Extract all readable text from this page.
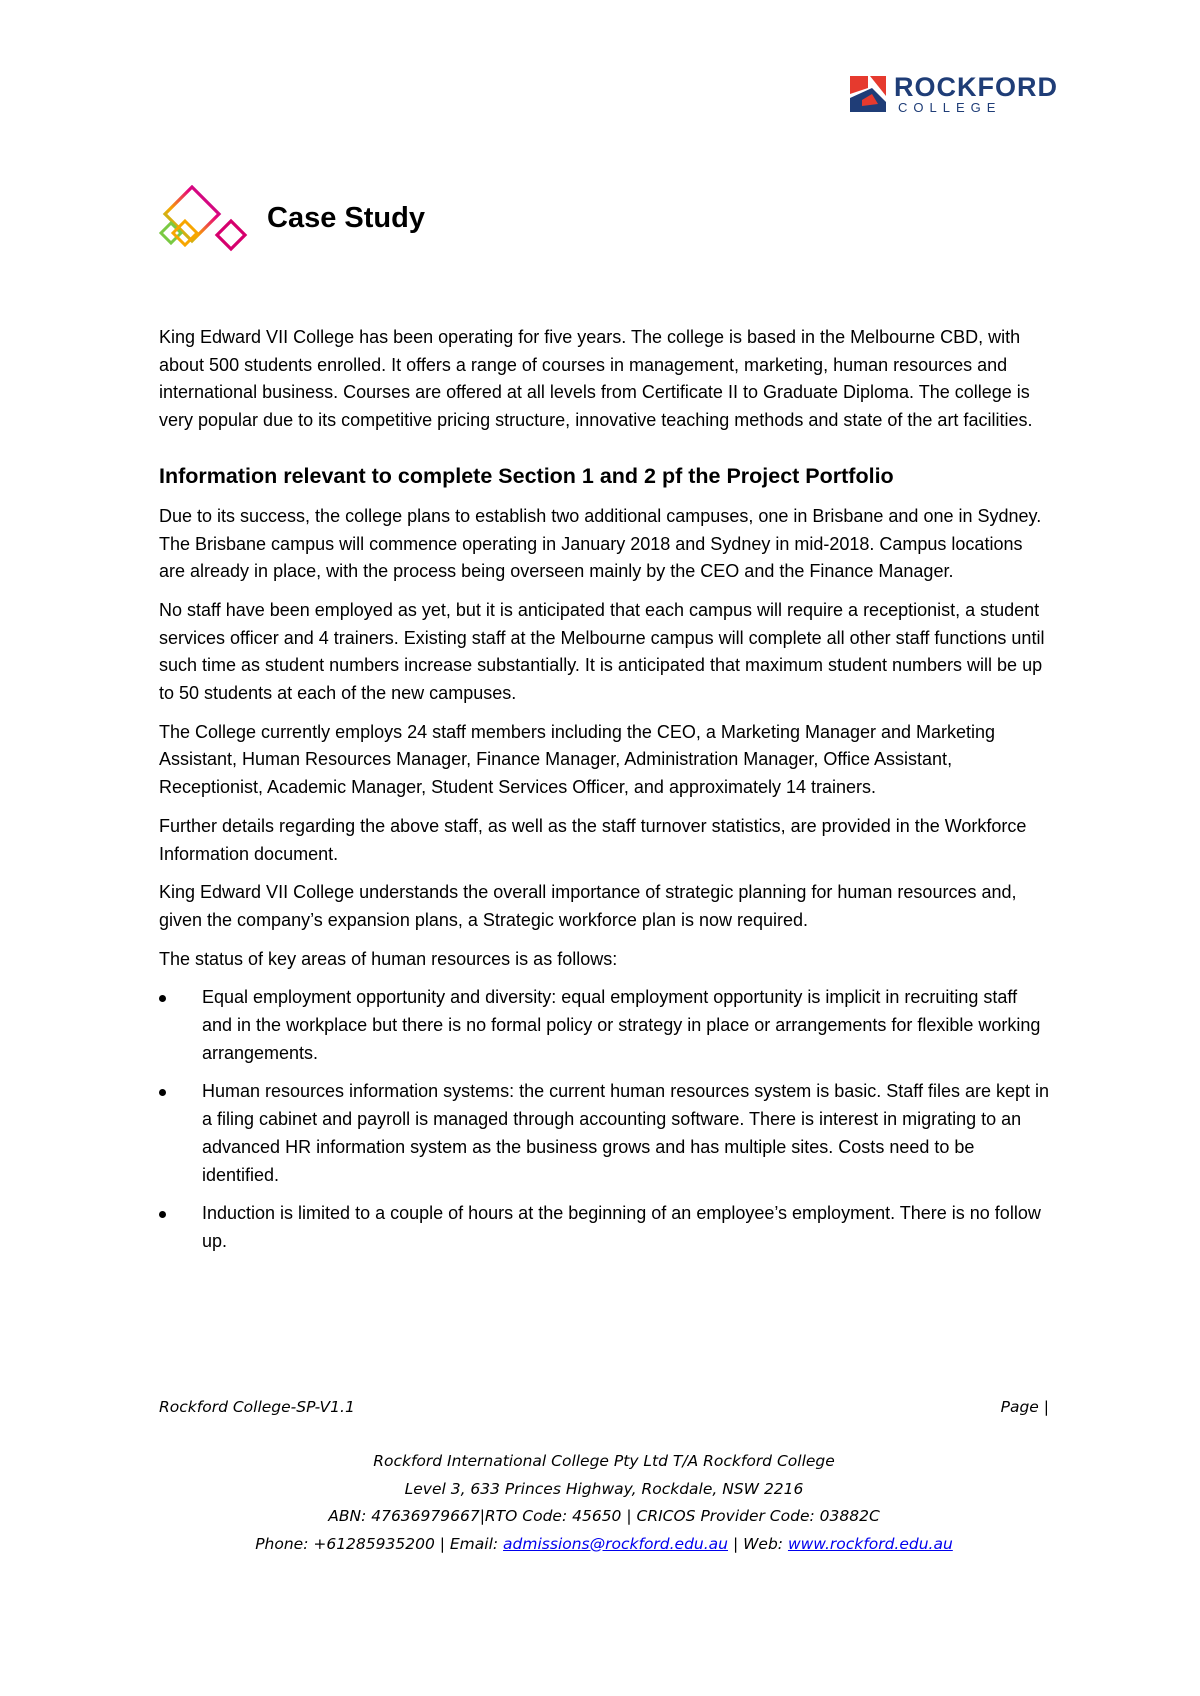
ROCKFORD
COLLEGE
Case Study

King Edward VII College has been operating for five years. The college is based in the Melbourne CBD, with about 500 students enrolled. It offers a range of courses in management, marketing, human resources and international business. Courses are offered at all levels from Certificate II to Graduate Diploma. The college is very popular due to its competitive pricing structure, innovative teaching methods and state of the art facilities.

Information relevant to complete Section 1 and 2 pf the Project Portfolio

Due to its success, the college plans to establish two additional campuses, one in Brisbane and one in Sydney. The Brisbane campus will commence operating in January 2018 and Sydney in mid-2018. Campus locations are already in place, with the process being overseen mainly by the CEO and the Finance Manager.

No staff have been employed as yet, but it is anticipated that each campus will require a receptionist, a student services officer and 4 trainers. Existing staff at the Melbourne campus will complete all other staff functions until such time as student numbers increase substantially. It is anticipated that maximum student numbers will be up to 50 students at each of the new campuses.

The College currently employs 24 staff members including the CEO, a Marketing Manager and Marketing Assistant, Human Resources Manager, Finance Manager, Administration Manager, Office Assistant, Receptionist, Academic Manager, Student Services Officer, and approximately 14 trainers.

Further details regarding the above staff, as well as the staff turnover statistics, are provided in the Workforce Information document.

King Edward VII College understands the overall importance of strategic planning for human resources and, given the company’s expansion plans, a Strategic workforce plan is now required.

The status of key areas of human resources is as follows:

Equal employment opportunity and diversity: equal employment opportunity is implicit in recruiting staff and in the workplace but there is no formal policy or strategy in place or arrangements for flexible working arrangements.
Human resources information systems: the current human resources system is basic. Staff files are kept in a filing cabinet and payroll is managed through accounting software. There is interest in migrating to an advanced HR information system as the business grows and has multiple sites. Costs need to be identified.
Induction is limited to a couple of hours at the beginning of an employee’s employment. There is no follow up.
Rockford College-SP-V1.1	Page |
Rockford International College Pty Ltd T/A Rockford College
Level 3, 633 Princes Highway, Rockdale, NSW 2216
ABN: 47636979667|RTO Code: 45650 | CRICOS Provider Code: 03882C
Phone: +61285935200 | Email: admissions@rockford.edu.au | Web: www.rockford.edu.au
